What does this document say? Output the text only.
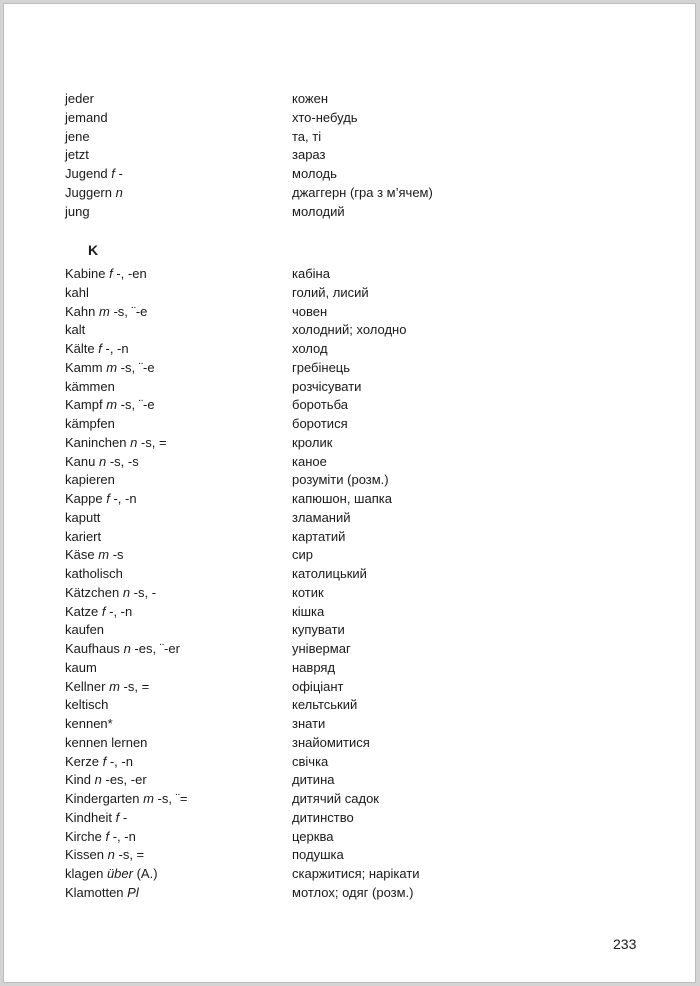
jeder	кожен
jemand	хто-небудь
jene	та, ті
jetzt	зараз
Jugend f -	молодь
Juggern n	джаггерн (гра з м’ячем)
jung	молодий
K
Kabine f -, -en	кабіна
kahl	голий, лисий
Kahn m -s, ¨-e	човен
kalt	холодний; холодно
Kälte f -, -n	холод
Kamm m -s, ¨-e	гребінець
kämmen	розчісувати
Kampf m -s, ¨-e	боротьба
kämpfen	боротися
Kaninchen n -s, =	кролик
Kanu n -s, -s	каное
kapieren	розуміти (розм.)
Kappe f -, -n	капюшон, шапка
kaputt	зламаний
kariert	картатий
Käse m -s	сир
katholisch	католицький
Kätzchen n -s, -	котик
Katze f -, -n	кішка
kaufen	купувати
Kaufhaus n -es, ¨-er	універмаг
kaum	навряд
Kellner m -s, =	офіціант
keltisch	кельтський
kennen*	знати
kennen lernen	знайомитися
Kerze f -, -n	свічка
Kind n -es, -er	дитина
Kindergarten m -s, ¨=	дитячий садок
Kindheit f -	дитинство
Kirche f -, -n	церква
Kissen n -s, =	подушка
klagen über (A.)	скаржитися; нарікати
Klamotten Pl	мотлох; одяг (розм.)
233
